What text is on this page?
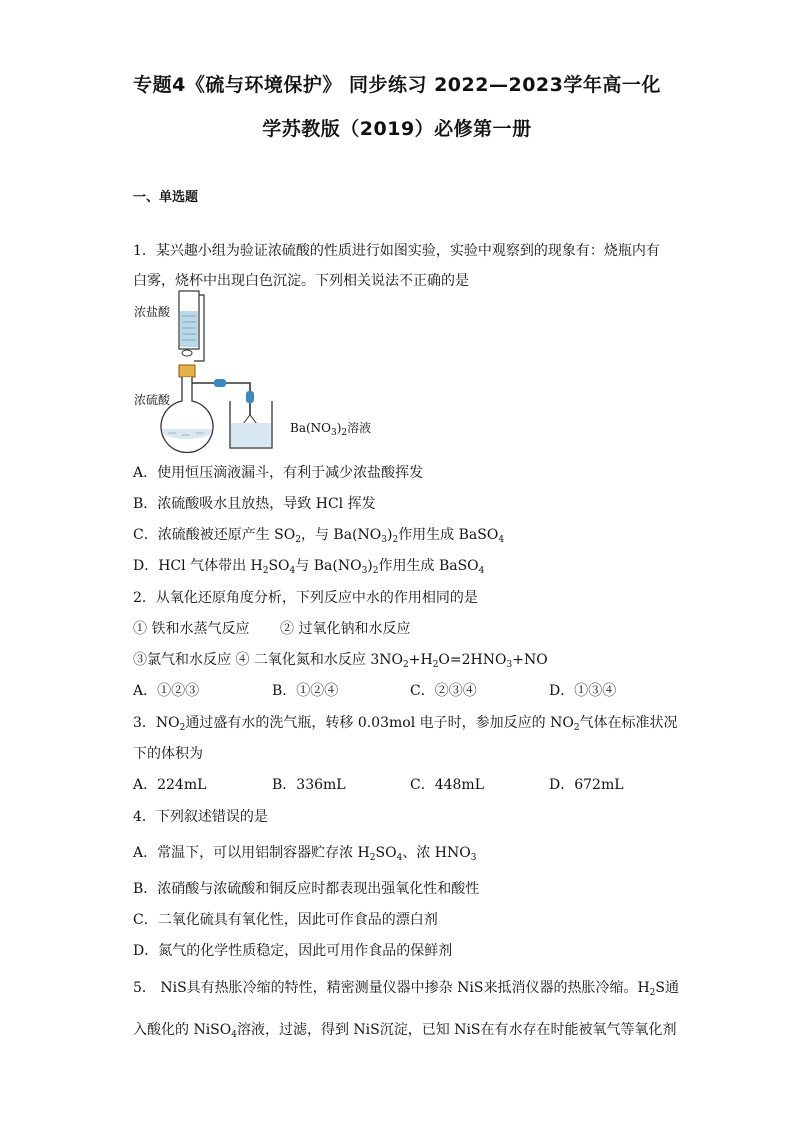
专题4《硫与环境保护》 同步练习 2022—2023学年高一化
学苏教版（2019）必修第一册
一、单选题
1．某兴趣小组为验证浓硫酸的性质进行如图实验，实验中观察到的现象有：烧瓶内有
白雾，烧杯中出现白色沉淀。下列相关说法不正确的是
浓盐酸
浓硫酸
$Ba(NO_3)_2$溶液
A．使用恒压滴液漏斗，有利于减少浓盐酸挥发
B．浓硫酸吸水且放热，导致 HCl 挥发
C．浓硫酸被还原产生 $SO_2$，与 $Ba(NO_3)_2$作用生成 BaSO$_4$
D．HCl 气体带出 $H_2SO_4$与 $Ba(NO_3)_2$作用生成 BaSO$_4$
2．从氧化还原角度分析，下列反应中水的作用相同的是
① 铁和水蒸气反应 ② 过氧化钠和水反应
③氯气和水反应 ④ 二氧化氮和水反应 $3NO_2+H_2O=2HNO_3+NO$
A．①②③	B．①②④	C．②③④	D．①③④
3．$NO_2$通过盛有水的洗气瓶，转移 0.03mol 电子时，参加反应的 $NO_2$气体在标准状况
下的体积为
A．224mL	B．336mL	C．448mL	D．672mL
4．下列叙述错误的是
A．常温下，可以用铝制容器贮存浓 $H_2SO_4$、浓 $HNO_3$
B．浓硝酸与浓硫酸和铜反应时都表现出强氧化性和酸性
C．二氧化硫具有氧化性，因此可作食品的漂白剂
D．氮气的化学性质稳定，因此可用作食品的保鲜剂
5． NiS具有热胀冷缩的特性，精密测量仪器中掺杂 NiS来抵消仪器的热胀冷缩。$H_2S$通
入酸化的 NiSO$_4$溶液，过滤，得到 NiS沉淀，已知 NiS在有水存在时能被氧气等氧化剂
